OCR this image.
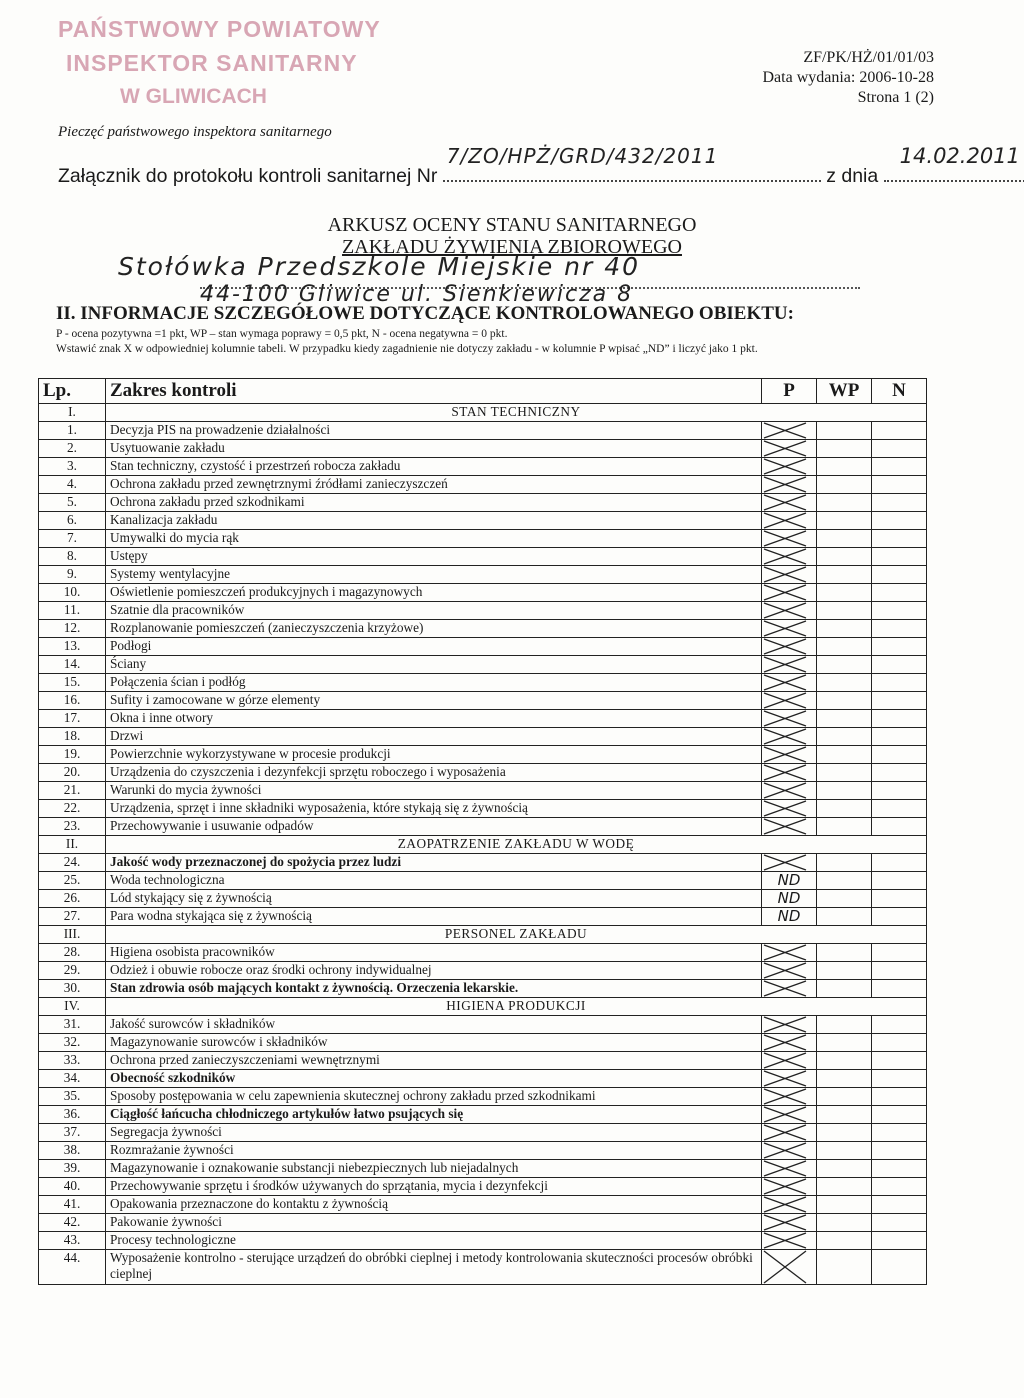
PAŃSTWOWY POWIATOWY
INSPEKTOR SANITARNY
W GLIWICACH
Pieczęć państwowego inspektora sanitarnego
ZF/PK/HŻ/01/01/03
Data wydania: 2006-10-28
Strona 1 (2)
Załącznik do protokołu kontroli sanitarnej Nr
7/ZO/HPŻ/GRD/432/2011
z dnia
14.02.2011
ARKUSZ OCENY STANU SANITARNEGO
ZAKŁADU ŻYWIENIA ZBIOROWEGO
Stołówka Przedszkole Miejskie nr 40
44-100 Gliwice ul. Sienkiewicza 8
II. INFORMACJE SZCZEGÓŁOWE DOTYCZĄCE KONTROLOWANEGO OBIEKTU:
P - ocena pozytywna =1 pkt, WP – stan wymaga poprawy = 0,5 pkt, N - ocena negatywna = 0 pkt.
Wstawić znak X w odpowiedniej kolumnie tabeli. W przypadku kiedy zagadnienie nie dotyczy zakładu - w kolumnie P wpisać „ND” i liczyć jako 1 pkt.
Lp.	Zakres kontroli	P	WP	N
I.	STAN TECHNICZNY			
1.	Decyzja PIS na prowadzenie działalności	

2.	Usytuowanie zakładu	

3.	Stan techniczny, czystość i przestrzeń robocza zakładu	

4.	Ochrona zakładu przed zewnętrznymi źródłami zanieczyszczeń	

5.	Ochrona zakładu przed szkodnikami	

6.	Kanalizacja zakładu	

7.	Umywalki do mycia rąk	

8.	Ustępy	

9.	Systemy wentylacyjne	

10.	Oświetlenie pomieszczeń produkcyjnych i magazynowych	

11.	Szatnie dla pracowników	

12.	Rozplanowanie pomieszczeń (zanieczyszczenia krzyżowe)	

13.	Podłogi	

14.	Ściany	

15.	Połączenia ścian i podłóg	

16.	Sufity i zamocowane w górze elementy	

17.	Okna i inne otwory	

18.	Drzwi	

19.	Powierzchnie wykorzystywane w procesie produkcji	

20.	Urządzenia do czyszczenia i dezynfekcji sprzętu roboczego i wyposażenia	

21.	Warunki do mycia żywności	

22.	Urządzenia, sprzęt i inne składniki wyposażenia, które stykają się z żywnością	

23.	Przechowywanie i usuwanie odpadów	

II.	ZAOPATRZENIE ZAKŁADU W WODĘ			
24.	Jakość wody przeznaczonej do spożycia przez ludzi	

25.	Woda technologiczna	ND		
26.	Lód stykający się z żywnością	ND		
27.	Para wodna stykająca się z żywnością	ND		
III.	PERSONEL ZAKŁADU			
28.	Higiena osobista pracowników	

29.	Odzież i obuwie robocze oraz środki ochrony indywidualnej	

30.	Stan zdrowia osób mających kontakt z żywnością. Orzeczenia lekarskie.	

IV.	HIGIENA PRODUKCJI			
31.	Jakość surowców i składników	

32.	Magazynowanie surowców i składników	

33.	Ochrona przed zanieczyszczeniami wewnętrznymi	

34.	Obecność szkodników	

35.	Sposoby postępowania w celu zapewnienia skutecznej ochrony zakładu przed szkodnikami	

36.	Ciągłość łańcucha chłodniczego artykułów łatwo psujących się	

37.	Segregacja żywności	

38.	Rozmrażanie żywności	

39.	Magazynowanie i oznakowanie substancji niebezpiecznych lub niejadalnych	

40.	Przechowywanie sprzętu i środków używanych do sprzątania, mycia i dezynfekcji	

41.	Opakowania przeznaczone do kontaktu z żywnością	

42.	Pakowanie żywności	

43.	Procesy technologiczne	

44.	Wyposażenie kontrolno - sterujące urządzeń do obróbki cieplnej i metody kontrolowania skuteczności procesów obróbki cieplnej	
